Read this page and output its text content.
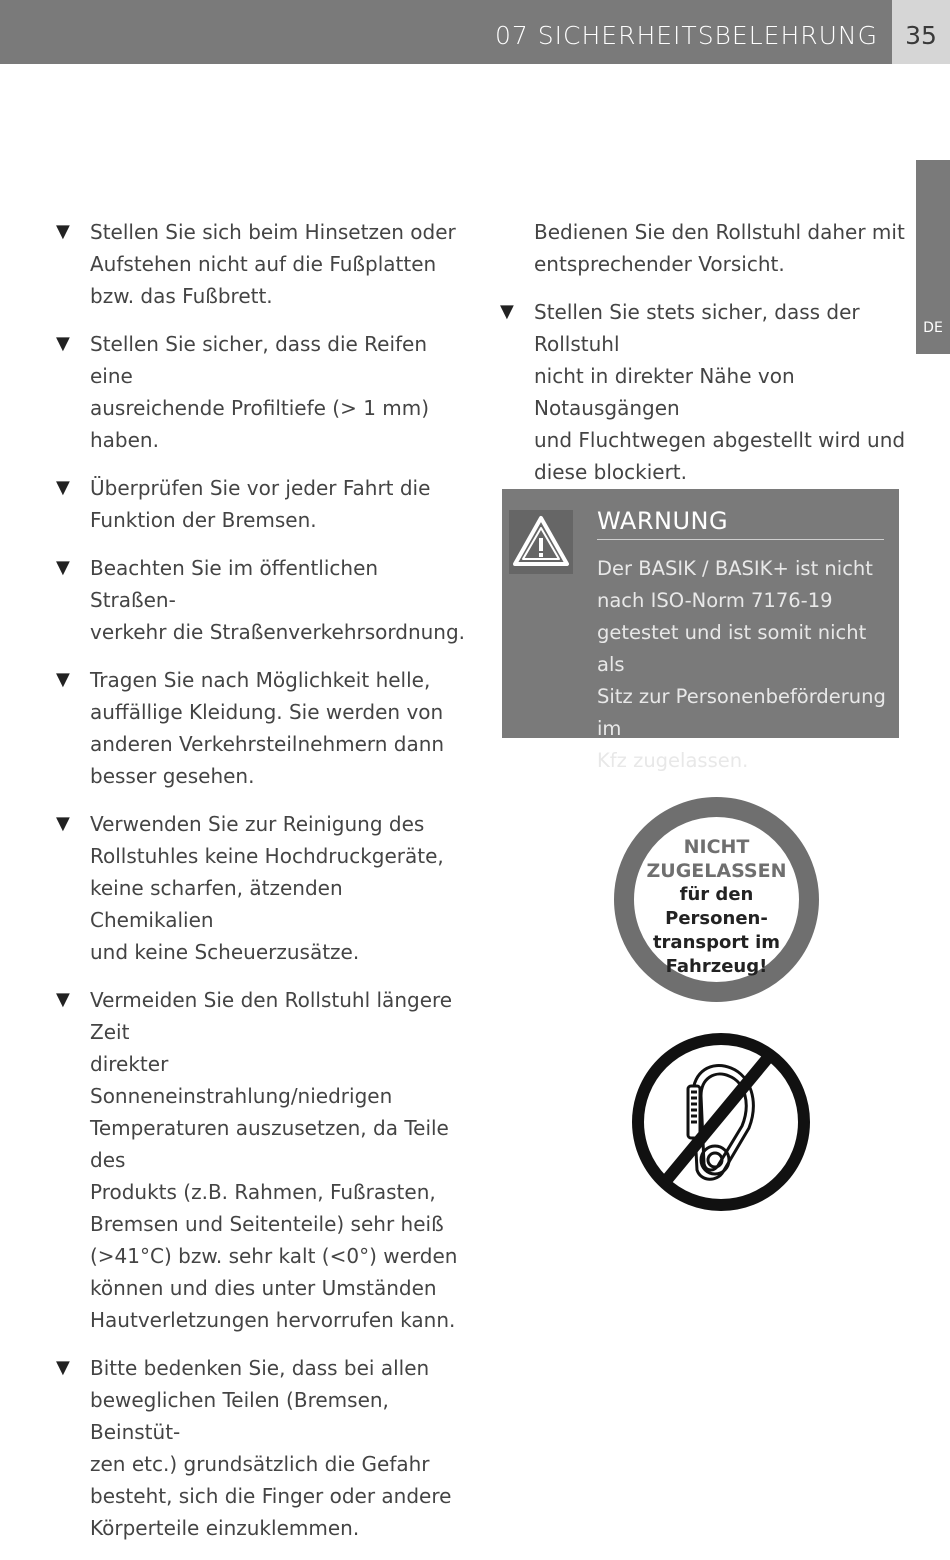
07 SICHERHEITSBELEHRUNG	35
DE
▼ Stellen Sie sich beim Hinsetzen oder
Aufstehen nicht auf die Fußplatten
bzw. das Fußbrett.
▼ Stellen Sie sicher, dass die Reifen eine
ausreichende Profiltiefe (> 1 mm) haben.
▼ Überprüfen Sie vor jeder Fahrt die
Funktion der Bremsen.
▼ Beachten Sie im öffentlichen Straßen-
verkehr die Straßenverkehrsordnung.
▼ Tragen Sie nach Möglichkeit helle,
auffällige Kleidung. Sie werden von
anderen Verkehrsteilnehmern dann
besser gesehen.
▼ Verwenden Sie zur Reinigung des
Rollstuhles keine Hochdruckgeräte,
keine scharfen, ätzenden Chemikalien
und keine Scheuerzusätze.
▼ Vermeiden Sie den Rollstuhl längere Zeit
direkter Sonneneinstrahlung/niedrigen
Temperaturen auszusetzen, da Teile des
Produkts (z.B. Rahmen, Fußrasten,
Bremsen und Seitenteile) sehr heiß
(>41°C) bzw. sehr kalt (<0°) werden
können und dies unter Umständen
Hautverletzungen hervorrufen kann.
▼ Bitte bedenken Sie, dass bei allen
beweglichen Teilen (Bremsen, Beinstüt-
zen etc.) grundsätzlich die Gefahr
besteht, sich die Finger oder andere
Körperteile einzuklemmen.
Bedienen Sie den Rollstuhl daher mit
entsprechender Vorsicht.
▼ Stellen Sie stets sicher, dass der Rollstuhl
nicht in direkter Nähe von Notausgängen
und Fluchtwegen abgestellt wird und
diese blockiert.
WARNUNG
Der BASIK / BASIK+ ist nicht
nach ISO-Norm 7176-19
getestet und ist somit nicht als
Sitz zur Personenbeförderung im
Kfz zugelassen.
NICHT
ZUGELASSEN
für den Personen-
transport im
Fahrzeug!
